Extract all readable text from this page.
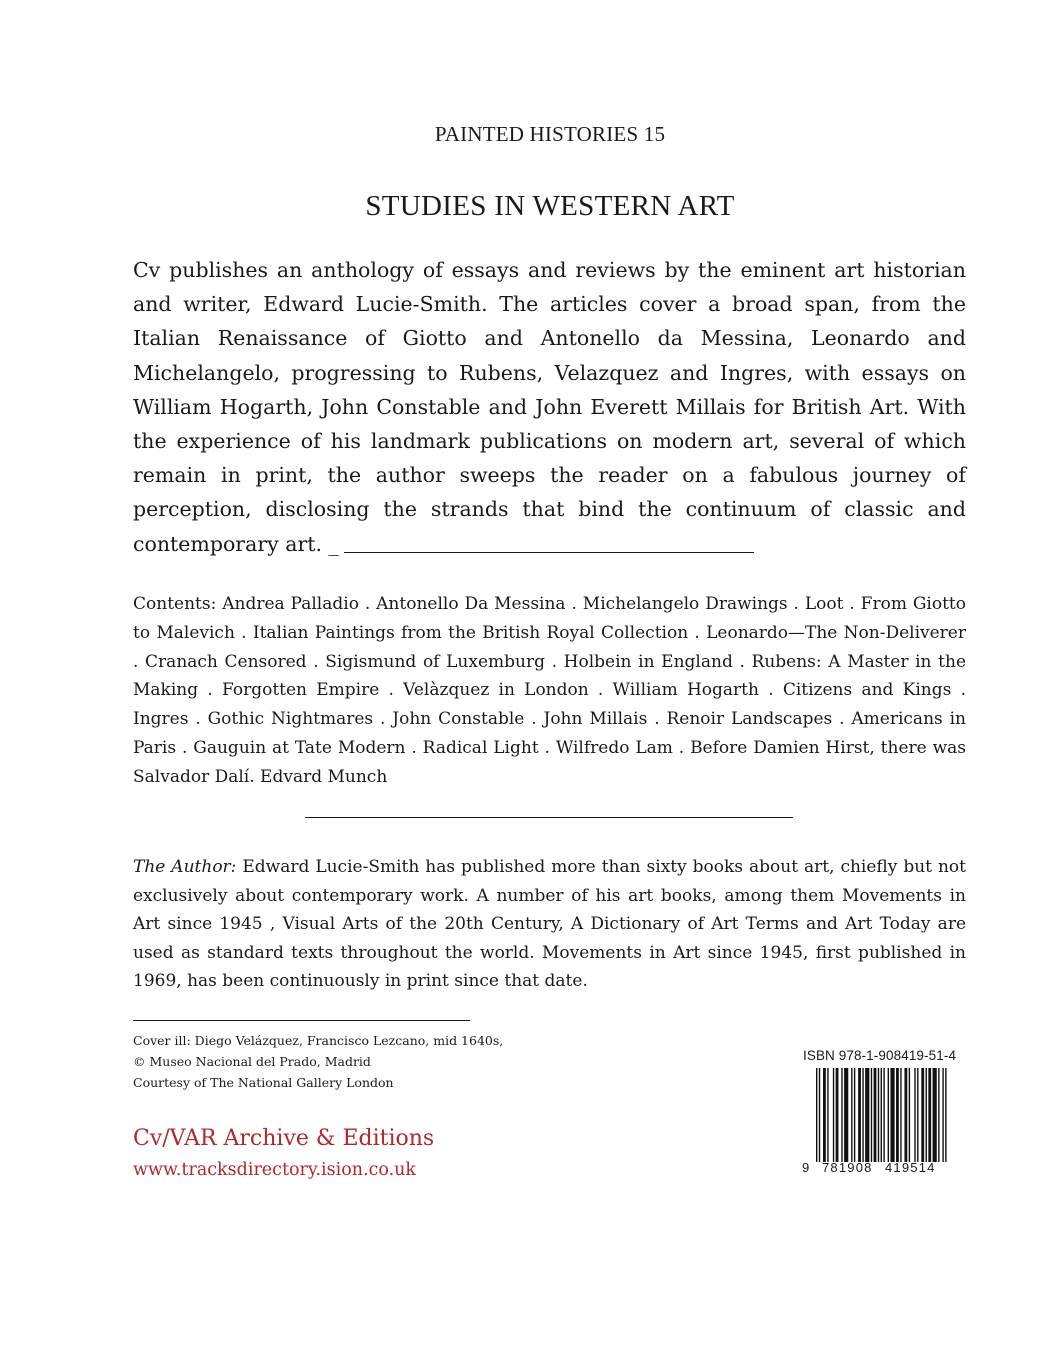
PAINTED HISTORIES 15
STUDIES IN WESTERN ART
Cv publishes an anthology of essays and reviews by the eminent art historian and writer, Edward Lucie-Smith. The articles cover a broad span, from the Italian Renaissance of Giotto and Antonello da Messina, Leonardo and Michelangelo, progressing to Rubens, Velazquez and Ingres, with essays on William Hogarth, John Constable and John Everett Millais for British Art. With the experience of his landmark publications on modern art, several of which remain in print, the author sweeps the reader on a fabulous journey of perception, disclosing the strands that bind the continuum of classic and contemporary art. _
Contents: Andrea Palladio . Antonello Da Messina . Michelangelo Drawings . Loot . From Giotto to Malevich . Italian Paintings from the British Royal Collection . Leonardo—The Non-Deliverer . Cranach Censored . Sigismund of Luxemburg . Holbein in England . Rubens: A Master in the Making . Forgotten Empire . Velàzquez in London . William Hogarth . Citizens and Kings . Ingres . Gothic Nightmares . John Constable . John Millais . Renoir Landscapes . Americans in Paris . Gauguin at Tate Modern . Radical Light . Wilfredo Lam . Before Damien Hirst, there was Salvador Dalí. Edvard Munch
The Author: Edward Lucie-Smith has published more than sixty books about art, chiefly but not exclusively about contemporary work. A number of his art books, among them Movements in Art since 1945 , Visual Arts of the 20th Century, A Dictionary of Art Terms and Art Today are used as standard texts throughout the world. Movements in Art since 1945, first published in 1969, has been continuously in print since that date.
Cover ill: Diego Velázquez, Francisco Lezcano, mid 1640s,
© Museo Nacional del Prado, Madrid
Courtesy of The National Gallery London
Cv/VAR Archive & Editions
www.tracksdirectory.ision.co.uk
ISBN 978-1-908419-51-4
9 781908 419514
